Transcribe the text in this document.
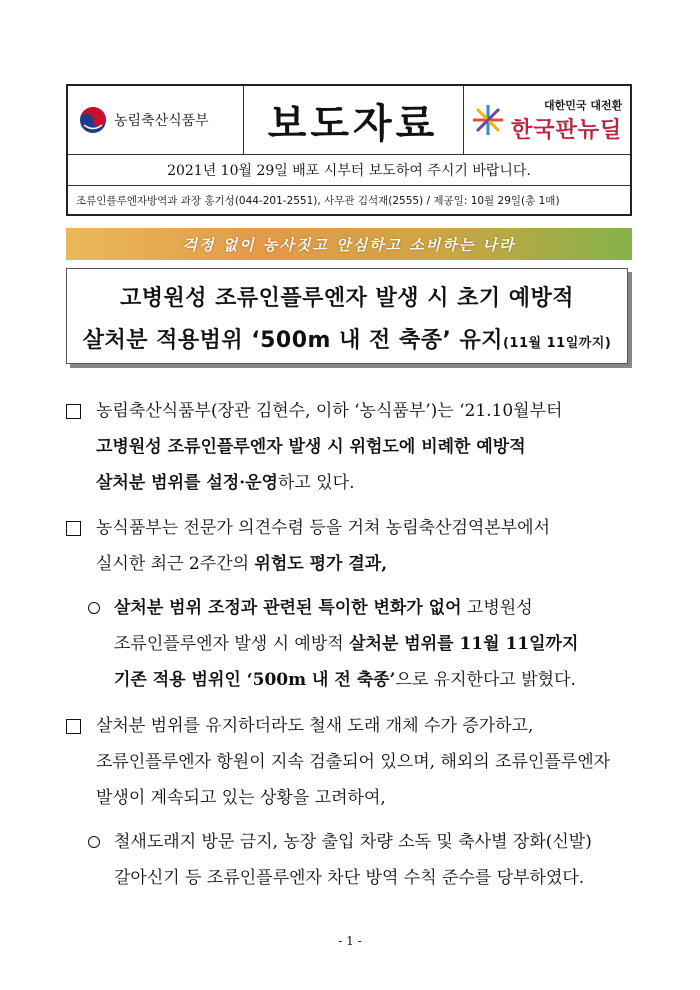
농림축산식품부 보도자료	대한민국 대전환
한국판뉴딜
2021년 10월 29일 배포 시부터 보도하여 주시기 바랍니다.
조류인플루엔자방역과 과장 홍기성(044-201-2551), 사무관 김석재(2555) / 제공일: 10월 29일(총 1매)
걱정 없이 농사짓고 안심하고 소비하는 나라
고병원성 조류인플루엔자 발생 시 초기 예방적
살처분 적용범위 ‘500m 내 전 축종’ 유지(11월 11일까지)
농림축산식품부(장관 김현수, 이하 ‘농식품부’)는 ‘21.10월부터
고병원성 조류인플루엔자 발생 시 위험도에 비례한 예방적
살처분 범위를 설정·운영하고 있다.
농식품부는 전문가 의견수렴 등을 거쳐 농림축산검역본부에서
실시한 최근 2주간의 위험도 평가 결과,
살처분 범위 조정과 관련된 특이한 변화가 없어 고병원성
조류인플루엔자 발생 시 예방적 살처분 범위를 11월 11일까지
기존 적용 범위인 ‘500m 내 전 축종’으로 유지한다고 밝혔다.
살처분 범위를 유지하더라도 철새 도래 개체 수가 증가하고,
조류인플루엔자 항원이 지속 검출되어 있으며, 해외의 조류인플루엔자
발생이 계속되고 있는 상황을 고려하여,
철새도래지 방문 금지, 농장 출입 차량 소독 및 축사별 장화(신발)
갈아신기 등 조류인플루엔자 차단 방역 수칙 준수를 당부하였다.
- 1 -
